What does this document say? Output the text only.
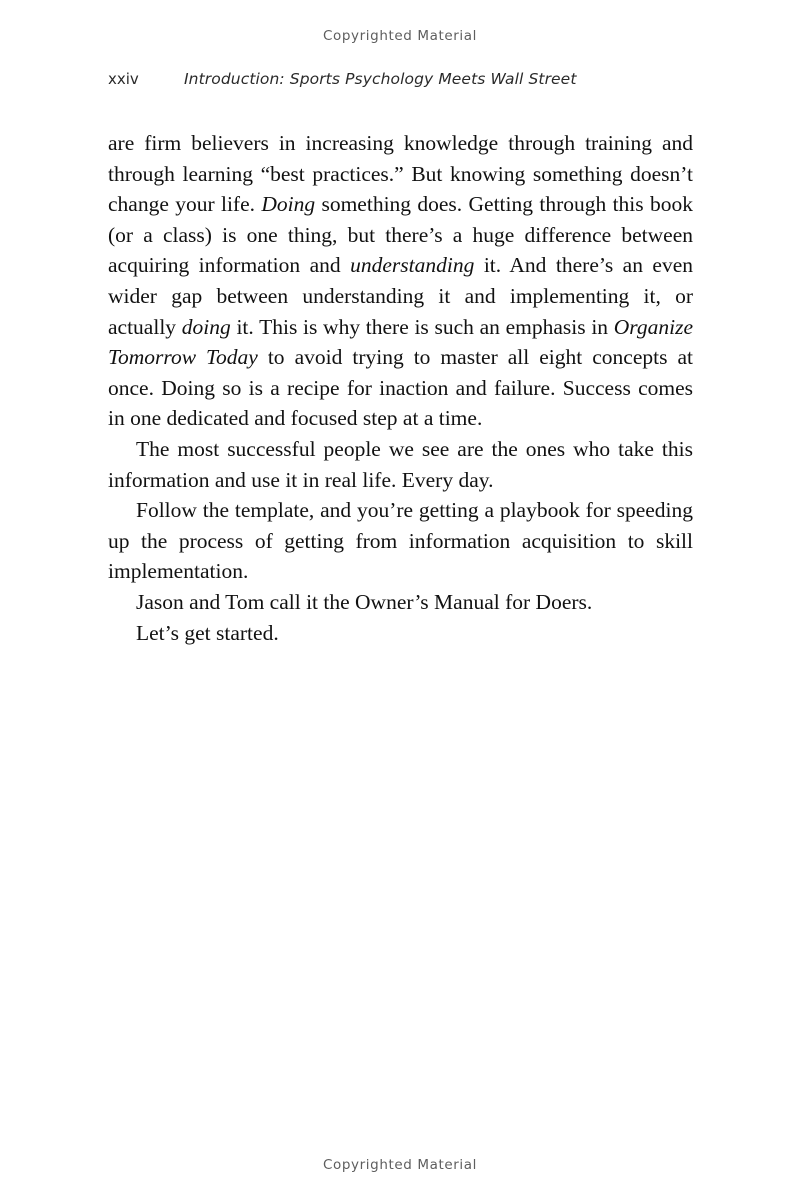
Copyrighted Material
xxiv	Introduction: Sports Psychology Meets Wall Street

are firm believers in increasing knowledge through training and through learning “best practices.” But knowing something doesn’t change your life. Doing something does. Getting through this book (or a class) is one thing, but there’s a huge difference between acquiring information and understanding it. And there’s an even wider gap between understanding it and implementing it, or actually doing it. This is why there is such an emphasis in Organize Tomorrow Today to avoid trying to master all eight concepts at once. Doing so is a recipe for inaction and failure. Success comes in one dedicated and focused step at a time.

The most successful people we see are the ones who take this information and use it in real life. Every day.

Follow the template, and you’re getting a playbook for speeding up the process of getting from information acquisition to skill implementation.

Jason and Tom call it the Owner’s Manual for Doers.

Let’s get started.

Copyrighted Material
